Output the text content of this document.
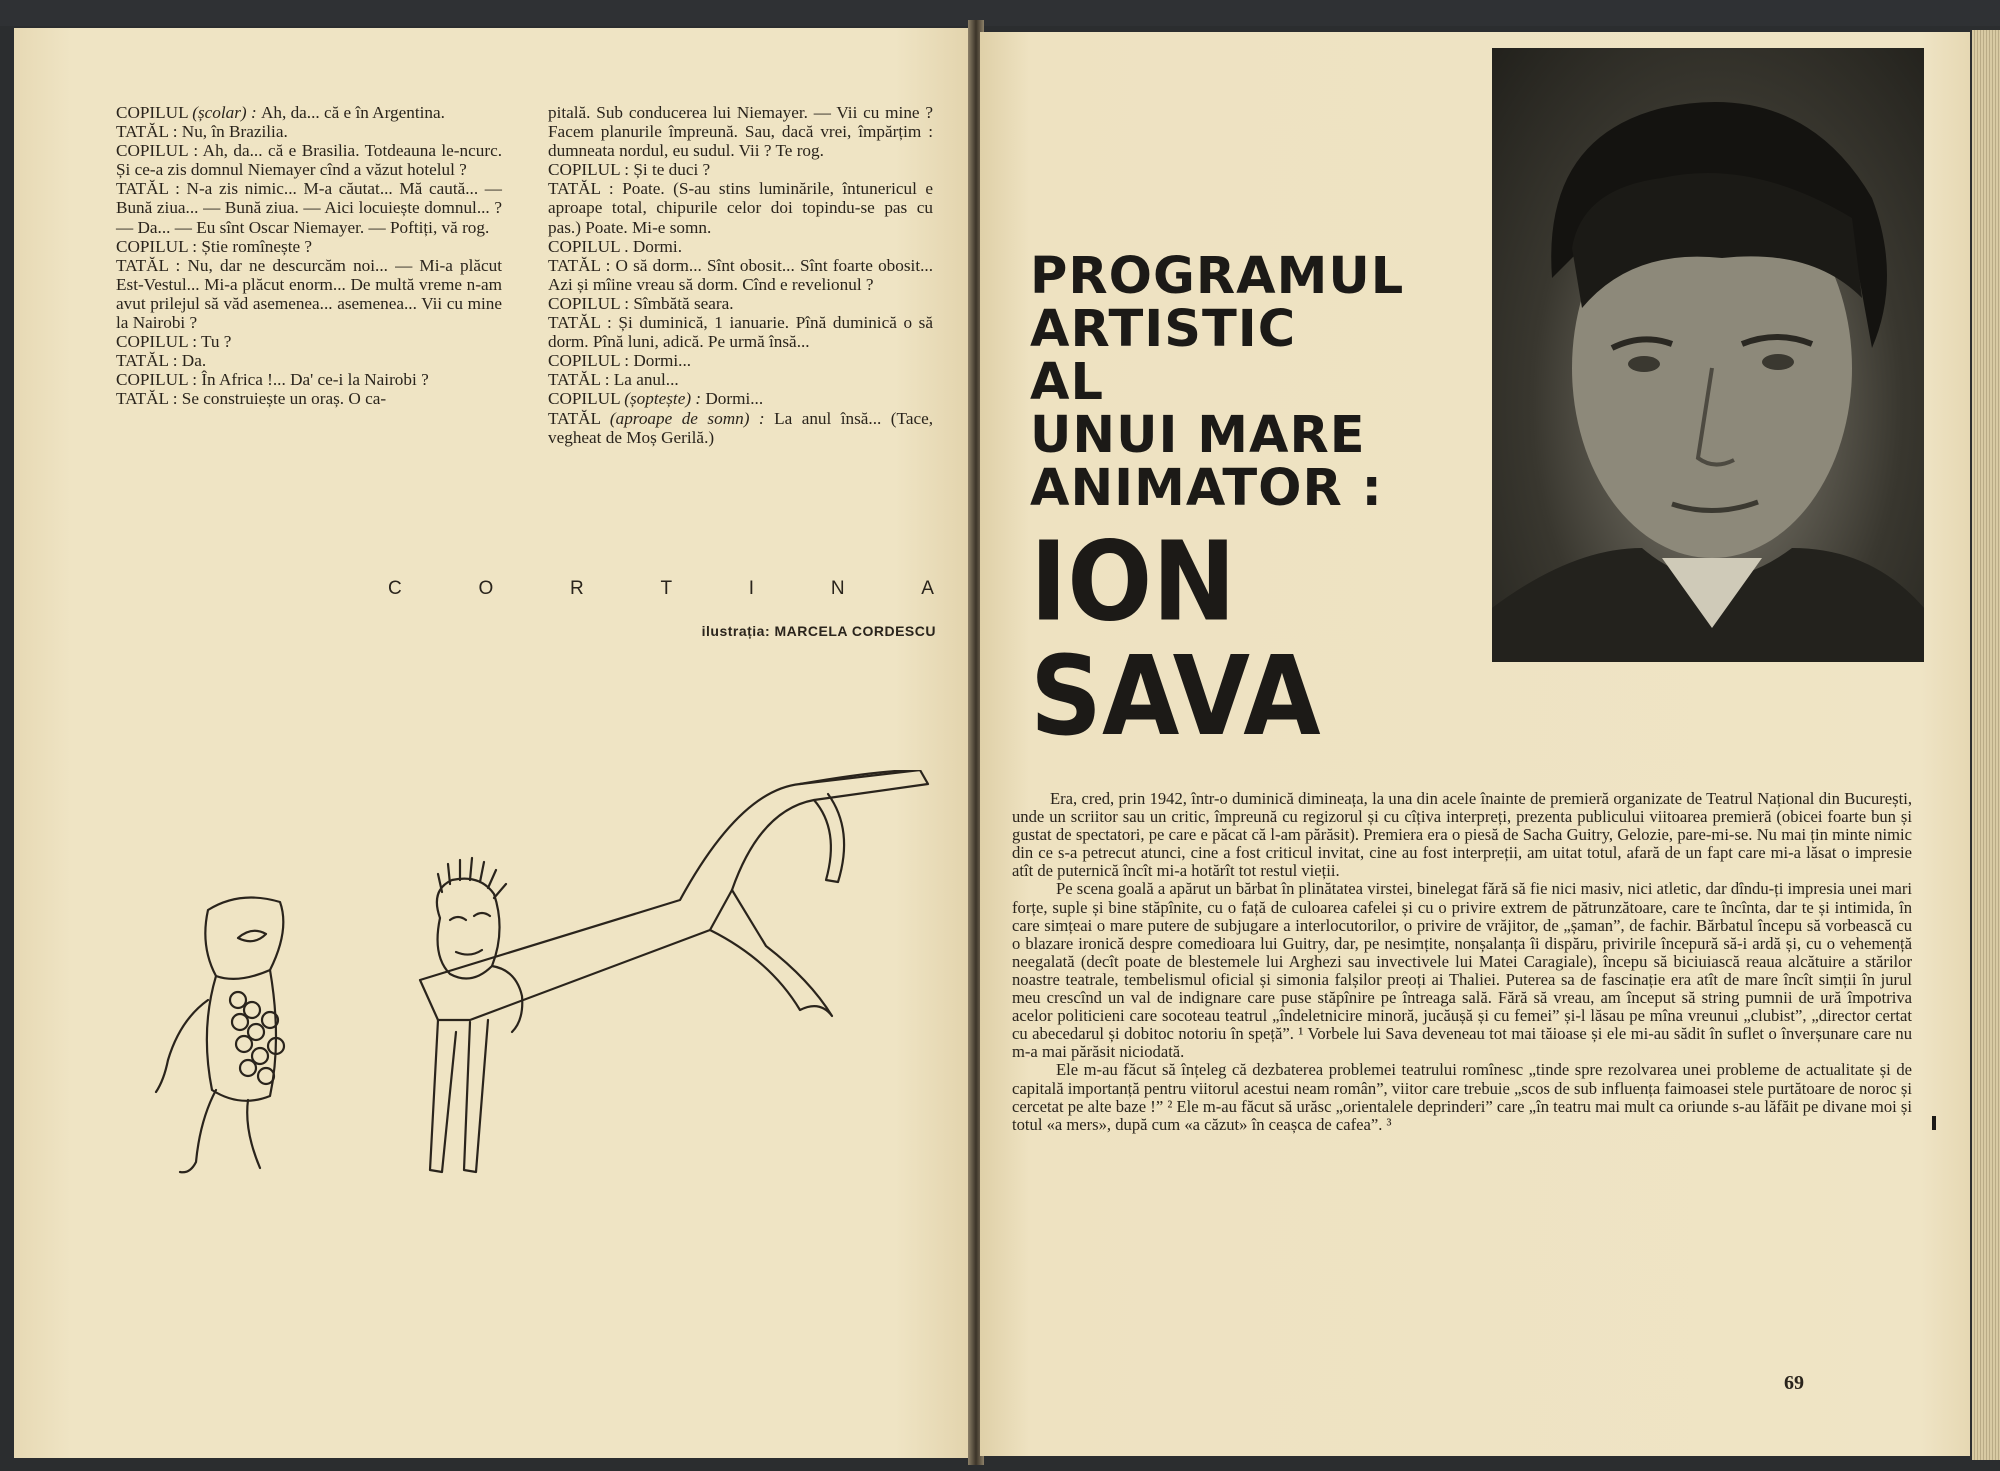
COPILUL (școlar) : Ah, da... că e în Argentina.

TATĂL : Nu, în Brazilia.

COPILUL : Ah, da... că e Brasilia. Totdeauna le-ncurc. Și ce-a zis domnul Niemayer cînd a văzut hotelul ?

TATĂL : N-a zis nimic... M-a căutat... Mă caută... — Bună ziua... — Bună ziua. — Aici locuiește domnul... ? — Da... — Eu sînt Oscar Niemayer. — Poftiți, vă rog.

COPILUL : Știe romînește ?

TATĂL : Nu, dar ne descurcăm noi... — Mi-a plăcut Est-Vestul... Mi-a plăcut enorm... De multă vreme n-am avut prilejul să văd asemenea... asemenea... Vii cu mine la Nairobi ?

COPILUL : Tu ?

TATĂL : Da.

COPILUL : În Africa !... Da' ce-i la Nairobi ?

TATĂL : Se construiește un oraș. O ca-

pitală. Sub conducerea lui Niemayer. — Vii cu mine ? Facem planurile împreună. Sau, dacă vrei, împărțim : dumneata nordul, eu sudul. Vii ? Te rog.

COPILUL : Și te duci ?

TATĂL : Poate. (S-au stins luminările, întunericul e aproape total, chipurile celor doi topindu-se pas cu pas.) Poate. Mi-e somn.

COPILUL . Dormi.

TATĂL : O să dorm... Sînt obosit... Sînt foarte obosit... Azi și mîine vreau să dorm. Cînd e revelionul ?

COPILUL : Sîmbătă seara.

TATĂL : Și duminică, 1 ianuarie. Pînă duminică o să dorm. Pînă luni, adică. Pe urmă însă...

COPILUL : Dormi...

TATĂL : La anul...

COPILUL (șoptește) : Dormi...

TATĂL (aproape de somn) : La anul însă... (Tace, vegheat de Moș Gerilă.)

C	O	R	T	I	N	A
ilustrația: MARCELA CORDESCU
PROGRAMUL
ARTISTIC
AL
UNUI MARE
ANIMATOR :
ION SAVA

Era, cred, prin 1942, într-o duminică dimineața, la una din acele înainte de premieră organizate de Teatrul Național din București, unde un scriitor sau un critic, împreună cu regizorul și cu cîțiva interpreți, prezenta publicului viitoarea premieră (obicei foarte bun și gustat de spectatori, pe care e păcat că l-am părăsit). Premiera era o piesă de Sacha Guitry, Gelozie, pare-mi-se. Nu mai țin minte nimic din ce s-a petrecut atunci, cine a fost criticul invitat, cine au fost interpreții, am uitat totul, afară de un fapt care mi-a lăsat o impresie atît de puternică încît mi-a hotărît tot restul vieții.

Pe scena goală a apărut un bărbat în plinătatea virstei, binelegat fără să fie nici masiv, nici atletic, dar dîndu-ți impresia unei mari forțe, suple și bine stăpînite, cu o față de culoarea cafelei și cu o privire extrem de pătrunzătoare, care te încînta, dar te și intimida, în care simțeai o mare putere de subjugare a interlocutorilor, o privire de vrăjitor, de „șaman”, de fachir. Bărbatul începu să vorbească cu o blazare ironică despre comedioara lui Guitry, dar, pe nesimțite, nonșalanța îi dispăru, privirile începură să-i ardă și, cu o vehemență neegalată (decît poate de blestemele lui Arghezi sau invectivele lui Matei Caragiale), începu să biciuiască reaua alcătuire a stărilor noastre teatrale, tembelismul oficial și simonia falșilor preoți ai Thaliei. Puterea sa de fascinație era atît de mare încît simții în jurul meu crescînd un val de indignare care puse stăpînire pe întreaga sală. Fără să vreau, am început să string pumnii de ură împotriva acelor politicieni care socoteau teatrul „îndeletnicire minoră, jucăușă și cu femei” și-l lăsau pe mîna vreunui „clubist”, „director certat cu abecedarul și dobitoc notoriu în speță”. ¹ Vorbele lui Sava deveneau tot mai tăioase și ele mi-au sădit în suflet o înverșunare care nu m-a mai părăsit niciodată.

Ele m-au făcut să înțeleg că dezbaterea problemei teatrului romînesc „tinde spre rezolvarea unei probleme de actualitate și de capitală importanță pentru viitorul acestui neam român”, viitor care trebuie „scos de sub influența faimoasei stele purtătoare de noroc și cercetat pe alte baze !” ² Ele m-au făcut să urăsc „orientalele deprinderi” care „în teatru mai mult ca oriunde s-au lăfăit pe divane moi și totul «a mers», după cum «a căzut» în ceașca de cafea”. ³

69
